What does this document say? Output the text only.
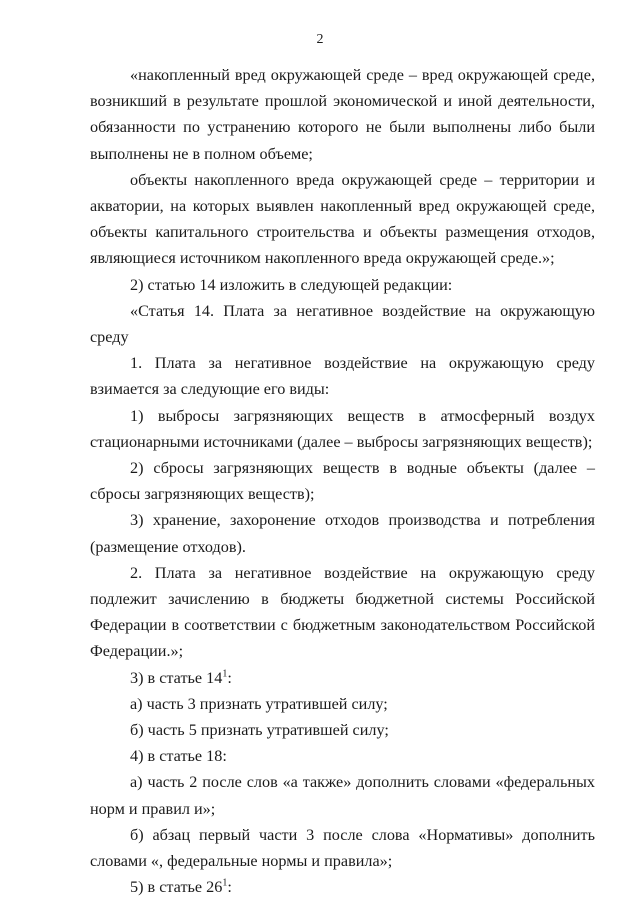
2

«накопленный вред окружающей среде – вред окружающей среде, возникший в результате прошлой экономической и иной деятельности, обязанности по устранению которого не были выполнены либо были выполнены не в полном объеме;

объекты накопленного вреда окружающей среде – территории и акватории, на которых выявлен накопленный вред окружающей среде, объекты капитального строительства и объекты размещения отходов, являющиеся источником накопленного вреда окружающей среде.»;

2) статью 14 изложить в следующей редакции:

«Статья 14. Плата за негативное воздействие на окружающую среду

1. Плата за негативное воздействие на окружающую среду взимается за следующие его виды:

1) выбросы загрязняющих веществ в атмосферный воздух стационарными источниками (далее – выбросы загрязняющих веществ);

2) сбросы загрязняющих веществ в водные объекты (далее – сбросы загрязняющих веществ);

3) хранение, захоронение отходов производства и потребления (размещение отходов).

2. Плата за негативное воздействие на окружающую среду подлежит зачислению в бюджеты бюджетной системы Российской Федерации в соответствии с бюджетным законодательством Российской Федерации.»;

3) в статье $14^1$:

а) часть 3 признать утратившей силу;

б) часть 5 признать утратившей силу;

4) в статье 18:

а) часть 2 после слов «а также» дополнить словами «федеральных норм и правил и»;

б) абзац первый части 3 после слова «Нормативы» дополнить словами «, федеральные нормы и правила»;

5) в статье $26^1$:
